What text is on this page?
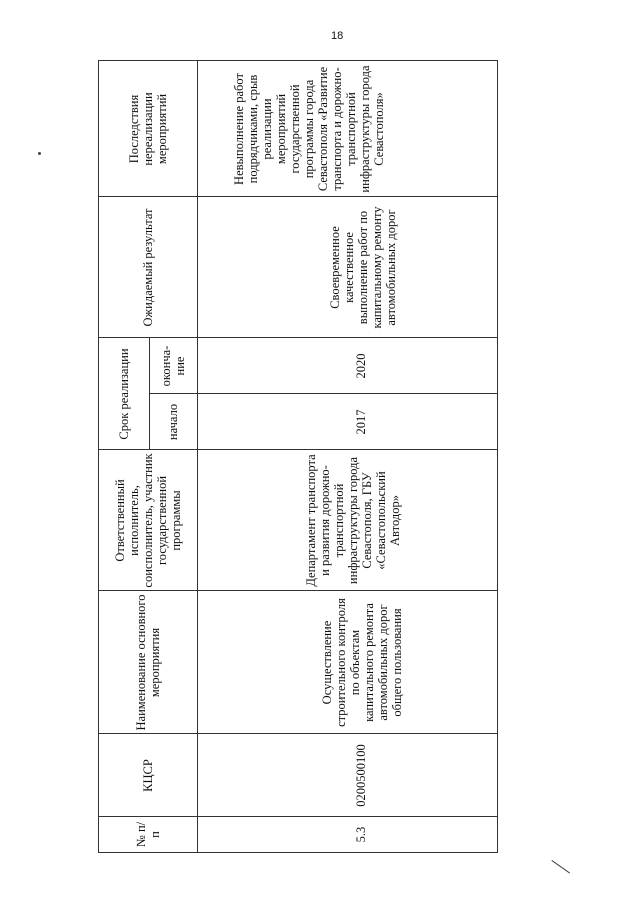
18
№ п/п
КЦСР
Наименование основного мероприятия
Ответственный исполнитель, соисполнитель, участник государственной программы
Срок реализации	начало
оконча-ние
Ожидаемый результат
Последствия нереализации мероприятий
5.3
0200500100
Осуществление строительного контроля по объектам капитального ремонта автомобильных дорог общего пользования
Департамент транспорта и развития дорожно-транспортной инфраструктуры города Севастополя, ГБУ «Севастопольский Автодор»
2017
2020
Своевременное качественное выполнение работ по капитальному ремонту автомобильных дорог
Невыполнение работ подрядчиками, срыв реализации мероприятий государственной программы города Севастополя «Развитие транспорта и дорожно-транспортной инфраструктуры города Севастополя»
